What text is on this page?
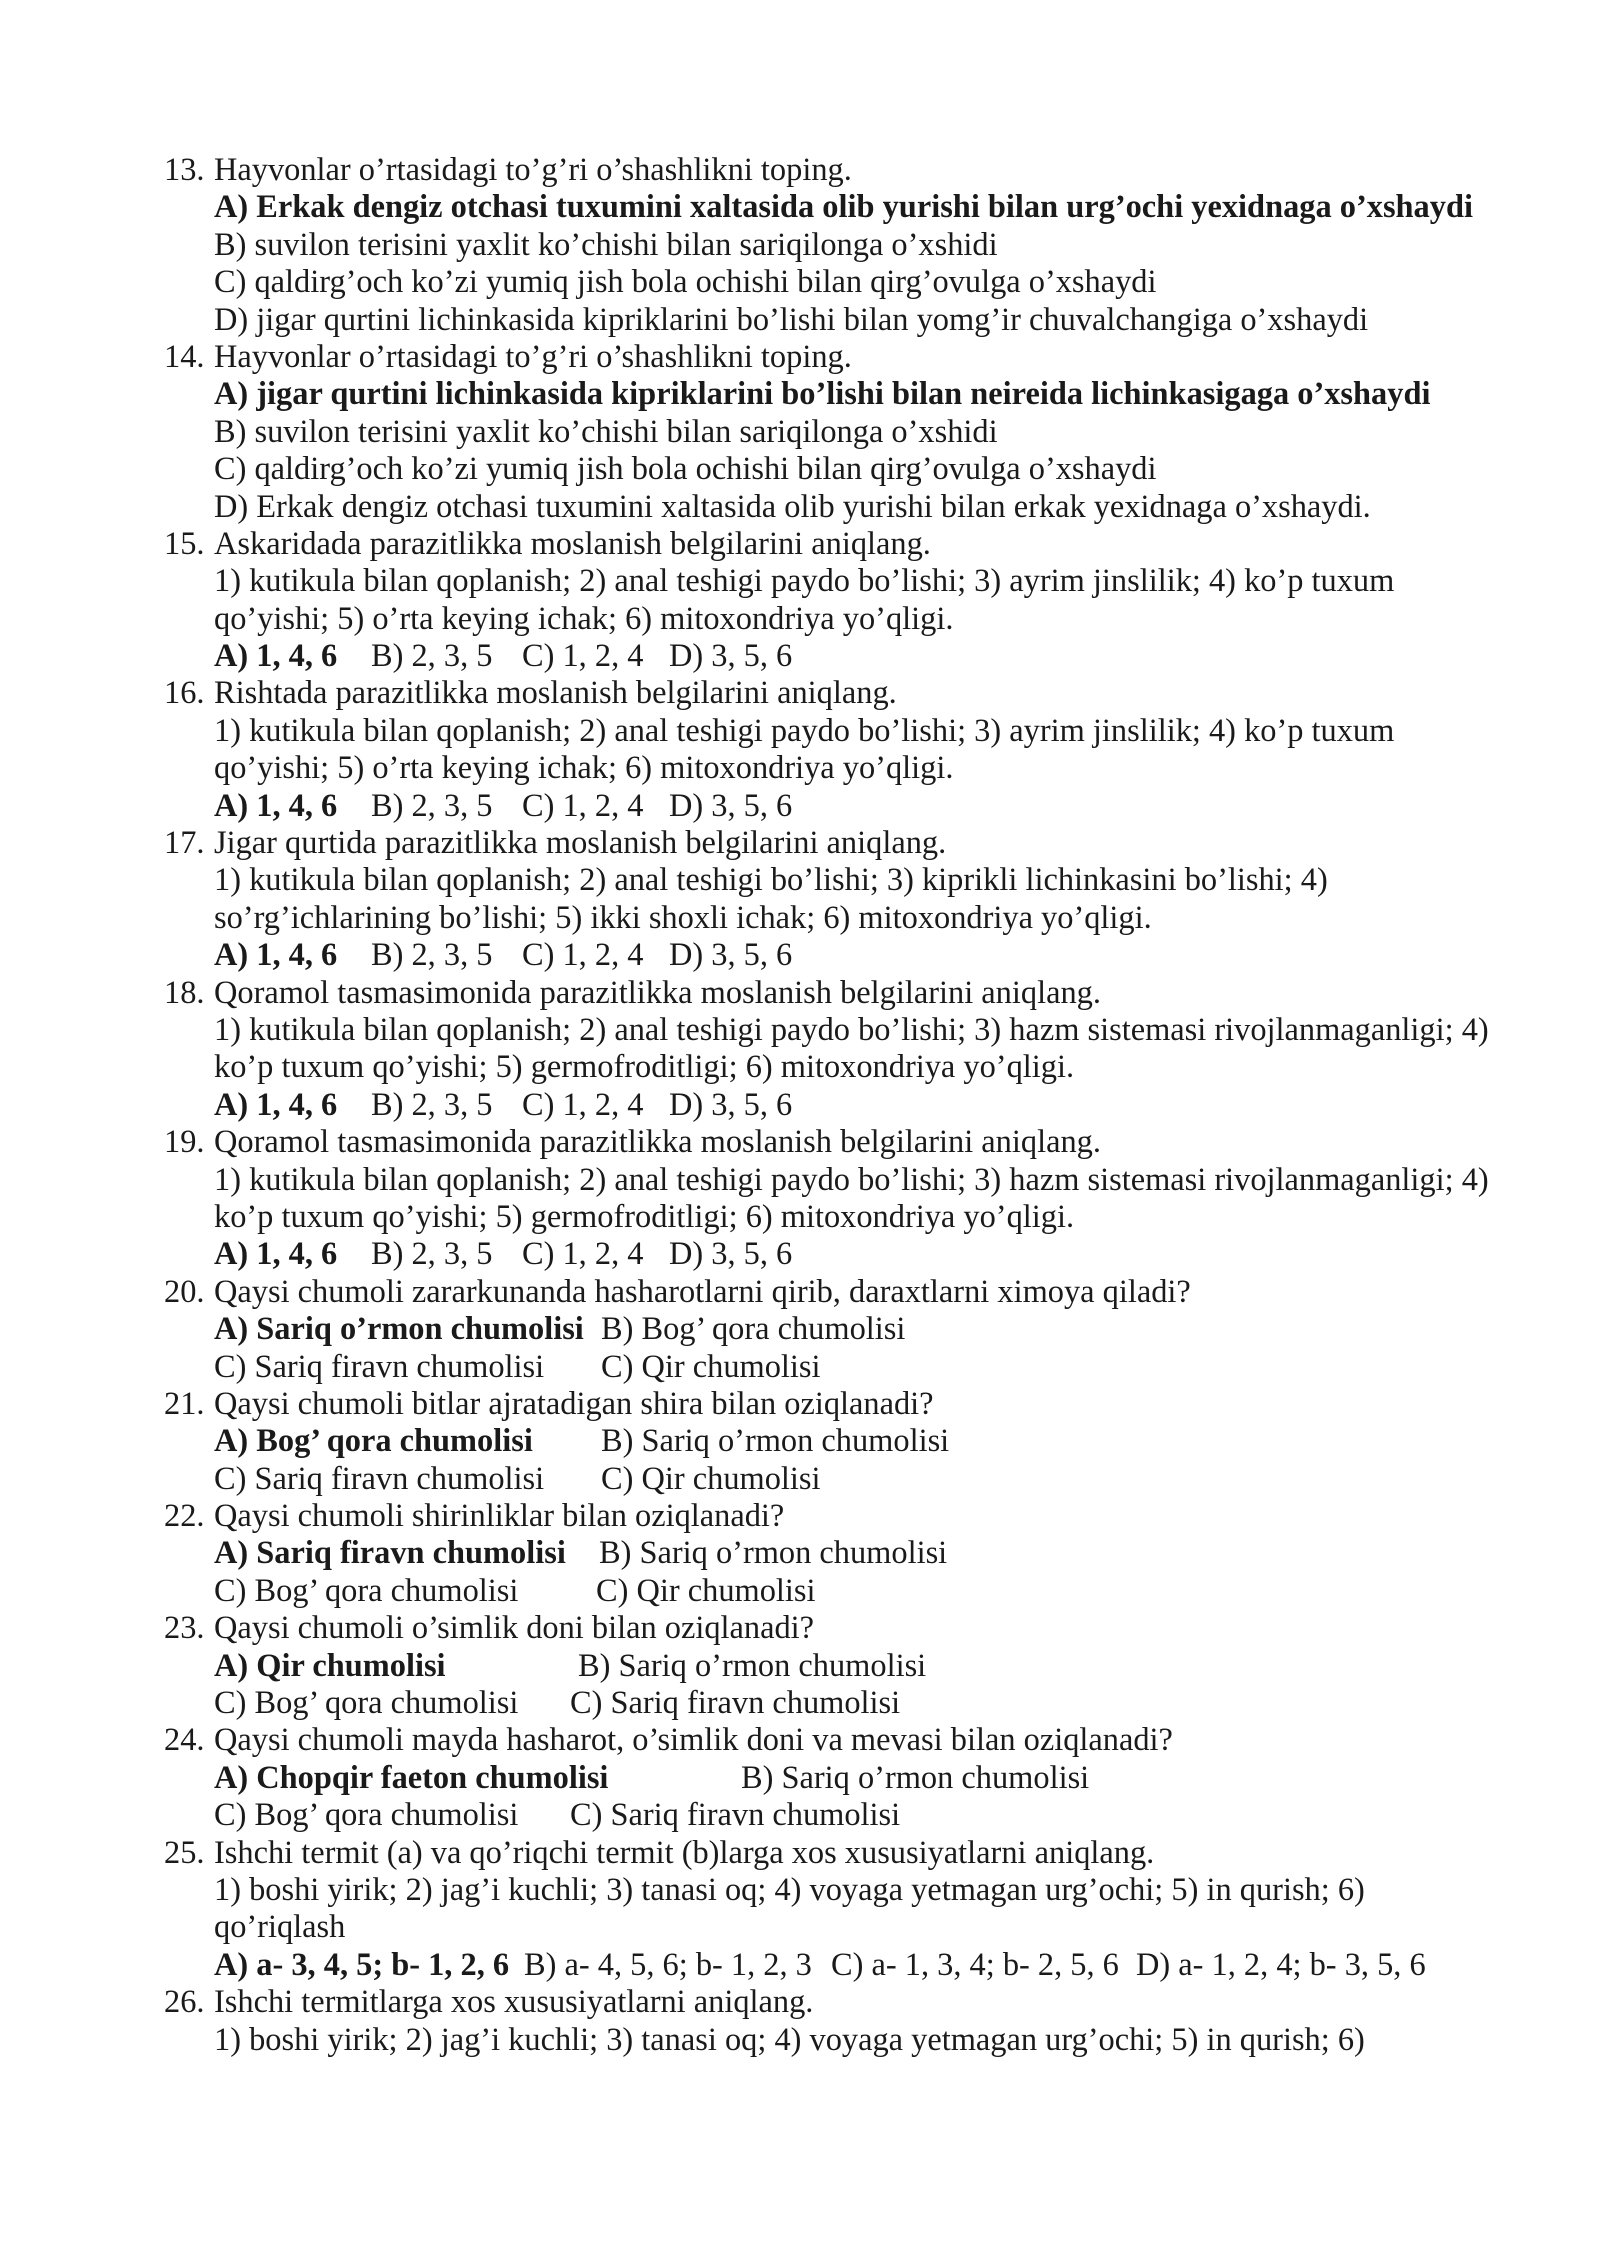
13. Hayvonlar o’rtasidagi to’g’ri o’shashlikni toping.
A) Erkak dengiz otchasi tuxumini xaltasida olib yurishi bilan urg’ochi yexidnaga o’xshaydi
B) suvilon terisini yaxlit ko’chishi bilan sariqilonga o’xshidi
C) qaldirg’och ko’zi yumiq jish bola ochishi bilan qirg’ovulga o’xshaydi
D) jigar qurtini lichinkasida kipriklarini bo’lishi bilan yomg’ir chuvalchangiga o’xshaydi
14. Hayvonlar o’rtasidagi to’g’ri o’shashlikni toping.
A) jigar qurtini lichinkasida kipriklarini bo’lishi bilan neireida lichinkasigaga o’xshaydi
B) suvilon terisini yaxlit ko’chishi bilan sariqilonga o’xshidi
C) qaldirg’och ko’zi yumiq jish bola ochishi bilan qirg’ovulga o’xshaydi
D) Erkak dengiz otchasi tuxumini xaltasida olib yurishi bilan erkak yexidnaga o’xshaydi.
15. Askaridada parazitlikka moslanish belgilarini aniqlang.
1) kutikula bilan qoplanish; 2) anal teshigi paydo bo’lishi; 3) ayrim jinslilik; 4) ko’p tuxum
qo’yishi; 5) o’rta keying ichak; 6) mitoxondriya yo’qligi.
A) 1, 4, 6 B) 2, 3, 5 C) 1, 2, 4 D) 3, 5, 6
16. Rishtada parazitlikka moslanish belgilarini aniqlang.
1) kutikula bilan qoplanish; 2) anal teshigi paydo bo’lishi; 3) ayrim jinslilik; 4) ko’p tuxum
qo’yishi; 5) o’rta keying ichak; 6) mitoxondriya yo’qligi.
A) 1, 4, 6 B) 2, 3, 5 C) 1, 2, 4 D) 3, 5, 6
17. Jigar qurtida parazitlikka moslanish belgilarini aniqlang.
1) kutikula bilan qoplanish; 2) anal teshigi bo’lishi; 3) kiprikli lichinkasini bo’lishi; 4)
so’rg’ichlarining bo’lishi; 5) ikki shoxli ichak; 6) mitoxondriya yo’qligi.
A) 1, 4, 6 B) 2, 3, 5 C) 1, 2, 4 D) 3, 5, 6
18. Qoramol tasmasimonida parazitlikka moslanish belgilarini aniqlang.
1) kutikula bilan qoplanish; 2) anal teshigi paydo bo’lishi; 3) hazm sistemasi rivojlanmaganligi; 4)
ko’p tuxum qo’yishi; 5) germofroditligi; 6) mitoxondriya yo’qligi.
A) 1, 4, 6 B) 2, 3, 5 C) 1, 2, 4 D) 3, 5, 6
19. Qoramol tasmasimonida parazitlikka moslanish belgilarini aniqlang.
1) kutikula bilan qoplanish; 2) anal teshigi paydo bo’lishi; 3) hazm sistemasi rivojlanmaganligi; 4)
ko’p tuxum qo’yishi; 5) germofroditligi; 6) mitoxondriya yo’qligi.
A) 1, 4, 6 B) 2, 3, 5 C) 1, 2, 4 D) 3, 5, 6
20. Qaysi chumoli zararkunanda hasharotlarni qirib, daraxtlarni ximoya qiladi?
A) Sariq o’rmon chumolisi B) Bog’ qora chumolisi
C) Sariq firavn chumolisi C) Qir chumolisi
21. Qaysi chumoli bitlar ajratadigan shira bilan oziqlanadi?
A) Bog’ qora chumolisi B) Sariq o’rmon chumolisi
C) Sariq firavn chumolisi C) Qir chumolisi
22. Qaysi chumoli shirinliklar bilan oziqlanadi?
A) Sariq firavn chumolisi B) Sariq o’rmon chumolisi
C) Bog’ qora chumolisi C) Qir chumolisi
23. Qaysi chumoli o’simlik doni bilan oziqlanadi?
A) Qir chumolisi	B) Sariq o’rmon chumolisi
C) Bog’ qora chumolisi C) Sariq firavn chumolisi
24. Qaysi chumoli mayda hasharot, o’simlik doni va mevasi bilan oziqlanadi?
A) Chopqir faeton chumolisi	B) Sariq o’rmon chumolisi
C) Bog’ qora chumolisi C) Sariq firavn chumolisi
25. Ishchi termit (a) va qo’riqchi termit (b)larga xos xususiyatlarni aniqlang.
1) boshi yirik; 2) jag’i kuchli; 3) tanasi oq; 4) voyaga yetmagan urg’ochi; 5) in qurish; 6)
qo’riqlash
A) a- 3, 4, 5; b- 1, 2, 6 B) a- 4, 5, 6; b- 1, 2, 3 C) a- 1, 3, 4; b- 2, 5, 6 D) a- 1, 2, 4; b- 3, 5, 6
26. Ishchi termitlarga xos xususiyatlarni aniqlang.
1) boshi yirik; 2) jag’i kuchli; 3) tanasi oq; 4) voyaga yetmagan urg’ochi; 5) in qurish; 6)
